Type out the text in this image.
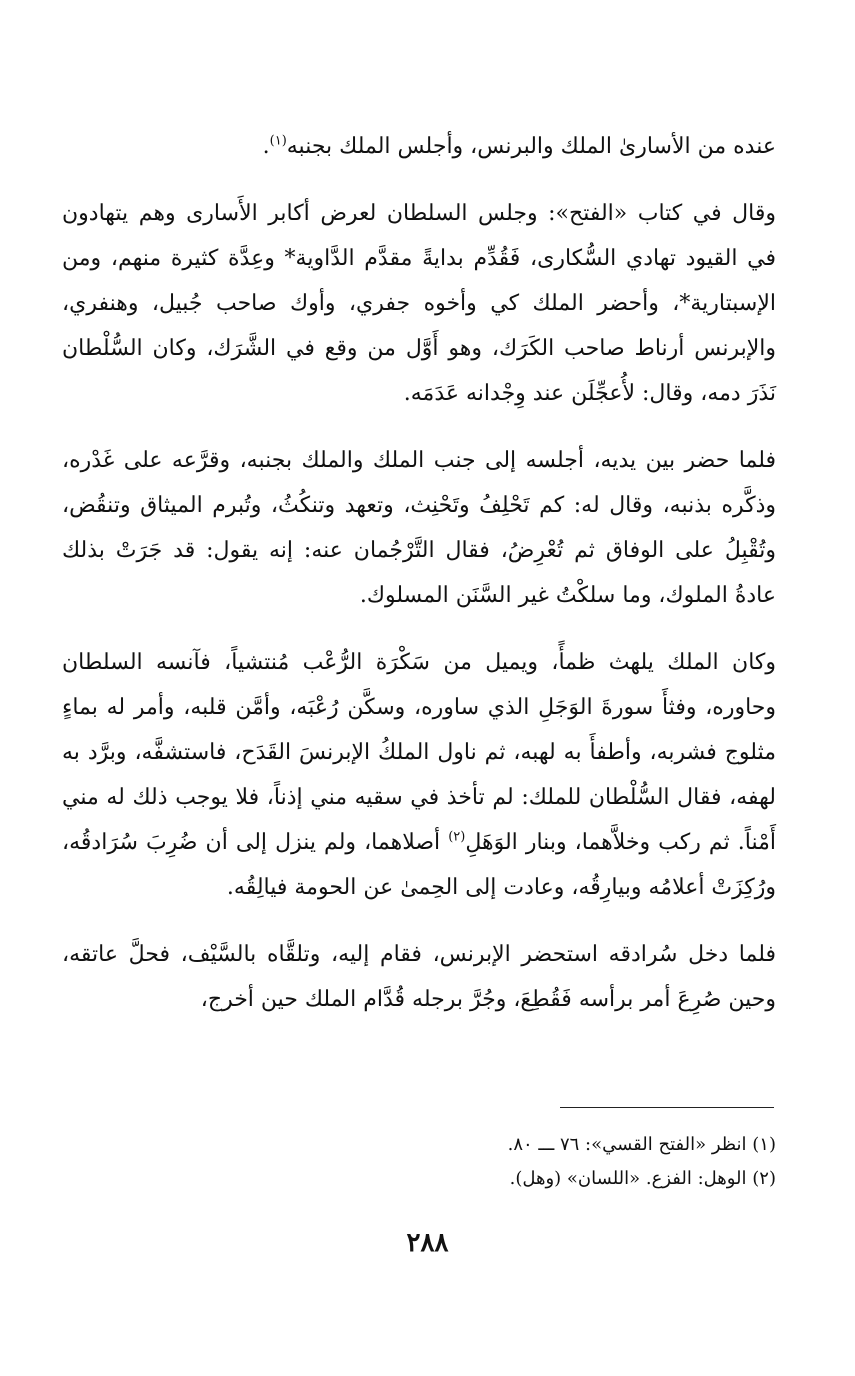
عنده من الأسارىٰ الملك والبرنس، وأجلس الملك بجنبه$^{(١)}$.

وقال في كتاب «الفتح»: وجلس السلطان لعرض أكابر الأَسارى وهم يتهادون في القيود تهادي السُّكارى، فَقُدِّم بدايةً مقدَّم الدَّاوية* وعِدَّة كثيرة منهم، ومن الإسبتارية*، وأحضر الملك كي وأخوه جفري، وأوك صاحب جُبيل، وهنفري، والإبرنس أرناط صاحب الكَرَك، وهو أَوَّل من وقع في الشَّرَك، وكان السُّلْطان نَذَرَ دمه، وقال: لأُعجِّلَن عند وِجْدانه عَدَمَه.

فلما حضر بين يديه، أجلسه إلى جنب الملك والملك بجنبه، وقرَّعه على غَدْره، وذكَّره بذنبه، وقال له: كم تَحْلِفُ وتَحْنِث، وتعهد وتنكُثُ، وتُبرم الميثاق وتنقُض، وتُقْبِلُ على الوفاق ثم تُعْرِضُ، فقال التَّرْجُمان عنه: إنه يقول: قد جَرَتْ بذلك عادةُ الملوك، وما سلكْتُ غير السَّنَن المسلوك.

وكان الملك يلهث ظمأً، ويميل من سَكْرَة الرُّعْب مُنتشياً، فآنسه السلطان وحاوره، وفثأَ سورةَ الوَجَلِ الذي ساوره، وسكَّن رُعْبَه، وأمَّن قلبه، وأمر له بماءٍ مثلوج فشربه، وأطفأَ به لهبه، ثم ناول الملكُ الإبرنسَ القَدَح، فاستشفَّه، وبرَّد به لهفه، فقال السُّلْطان للملك: لم تأخذ في سقيه مني إذناً، فلا يوجب ذلك له مني أَمْناً. ثم ركب وخلاَّهما، وبنار الوَهَلِ$^{(٢)}$ أصلاهما، ولم ينزل إلى أن ضُرِبَ سُرَادقُه، ورُكِزَتْ أعلامُه وبيارِقُه، وعادت إلى الحِمىٰ عن الحومة فيالِقُه.

فلما دخل سُرادقه استحضر الإبرنس، فقام إليه، وتلقَّاه بالسَّيْف، فحلَّ عاتقه، وحين صُرِعَ أمر برأسه فَقُطِعَ، وجُرَّ برجله قُدَّام الملك حين أخرج،

(١) انظر «الفتح القسي»: ٧٦ ـــ ٨٠.
(٢) الوهل: الفزع. «اللسان» (وهل).
٢٨٨
